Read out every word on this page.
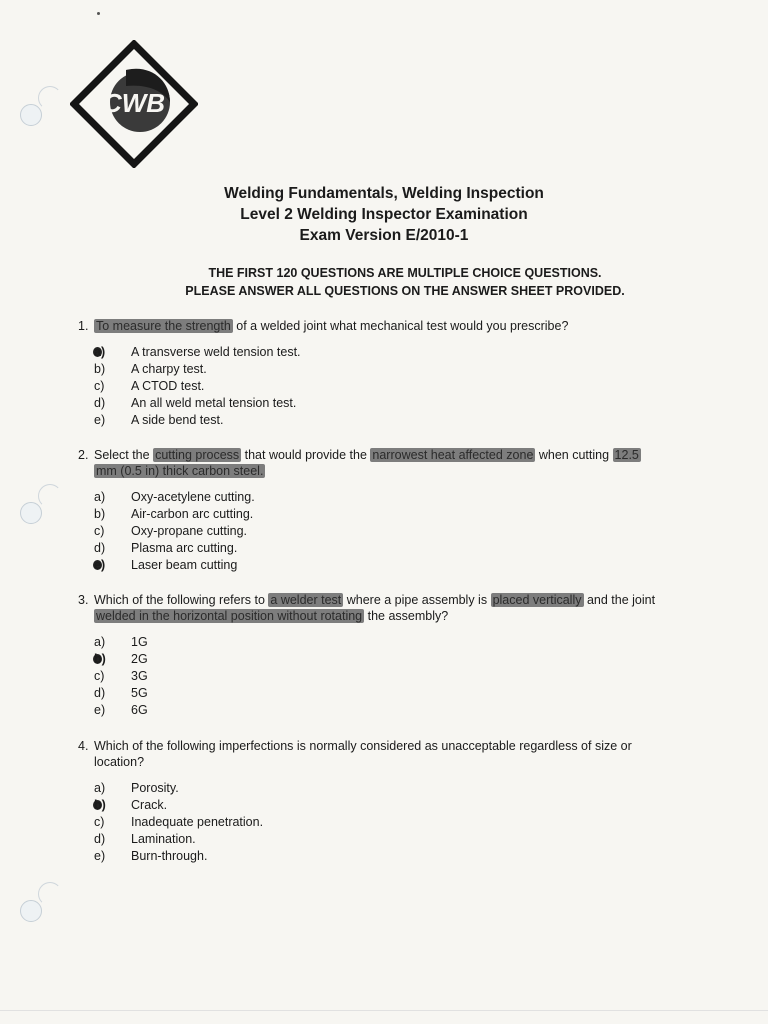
CWB
Welding Fundamentals, Welding Inspection
Level 2 Welding Inspector Examination
Exam Version E/2010-1
THE FIRST 120 QUESTIONS ARE MULTIPLE CHOICE QUESTIONS.
PLEASE ANSWER ALL QUESTIONS ON THE ANSWER SHEET PROVIDED.

1. To measure the strength of a welded joint what mechanical test would you prescribe?

a)	A transverse weld tension test.
b)	A charpy test.
c)	A CTOD test.
d)	An all weld metal tension test.
e)	A side bend test.

2. Select the cutting process that would provide the narrowest heat affected zone when cutting 12.5
mm (0.5 in) thick carbon steel.

a)	Oxy-acetylene cutting.
b)	Air-carbon arc cutting.
c)	Oxy-propane cutting.
d)	Plasma arc cutting.
e)	Laser beam cutting

3. Which of the following refers to a welder test where a pipe assembly is placed vertically and the joint
welded in the horizontal position without rotating the assembly?

a)	1G
b)	2G
c)	3G
d)	5G
e)	6G

4. Which of the following imperfections is normally considered as unacceptable regardless of size or
location?

a)	Porosity.
b)	Crack.
c)	Inadequate penetration.
d)	Lamination.
e)	Burn-through.
